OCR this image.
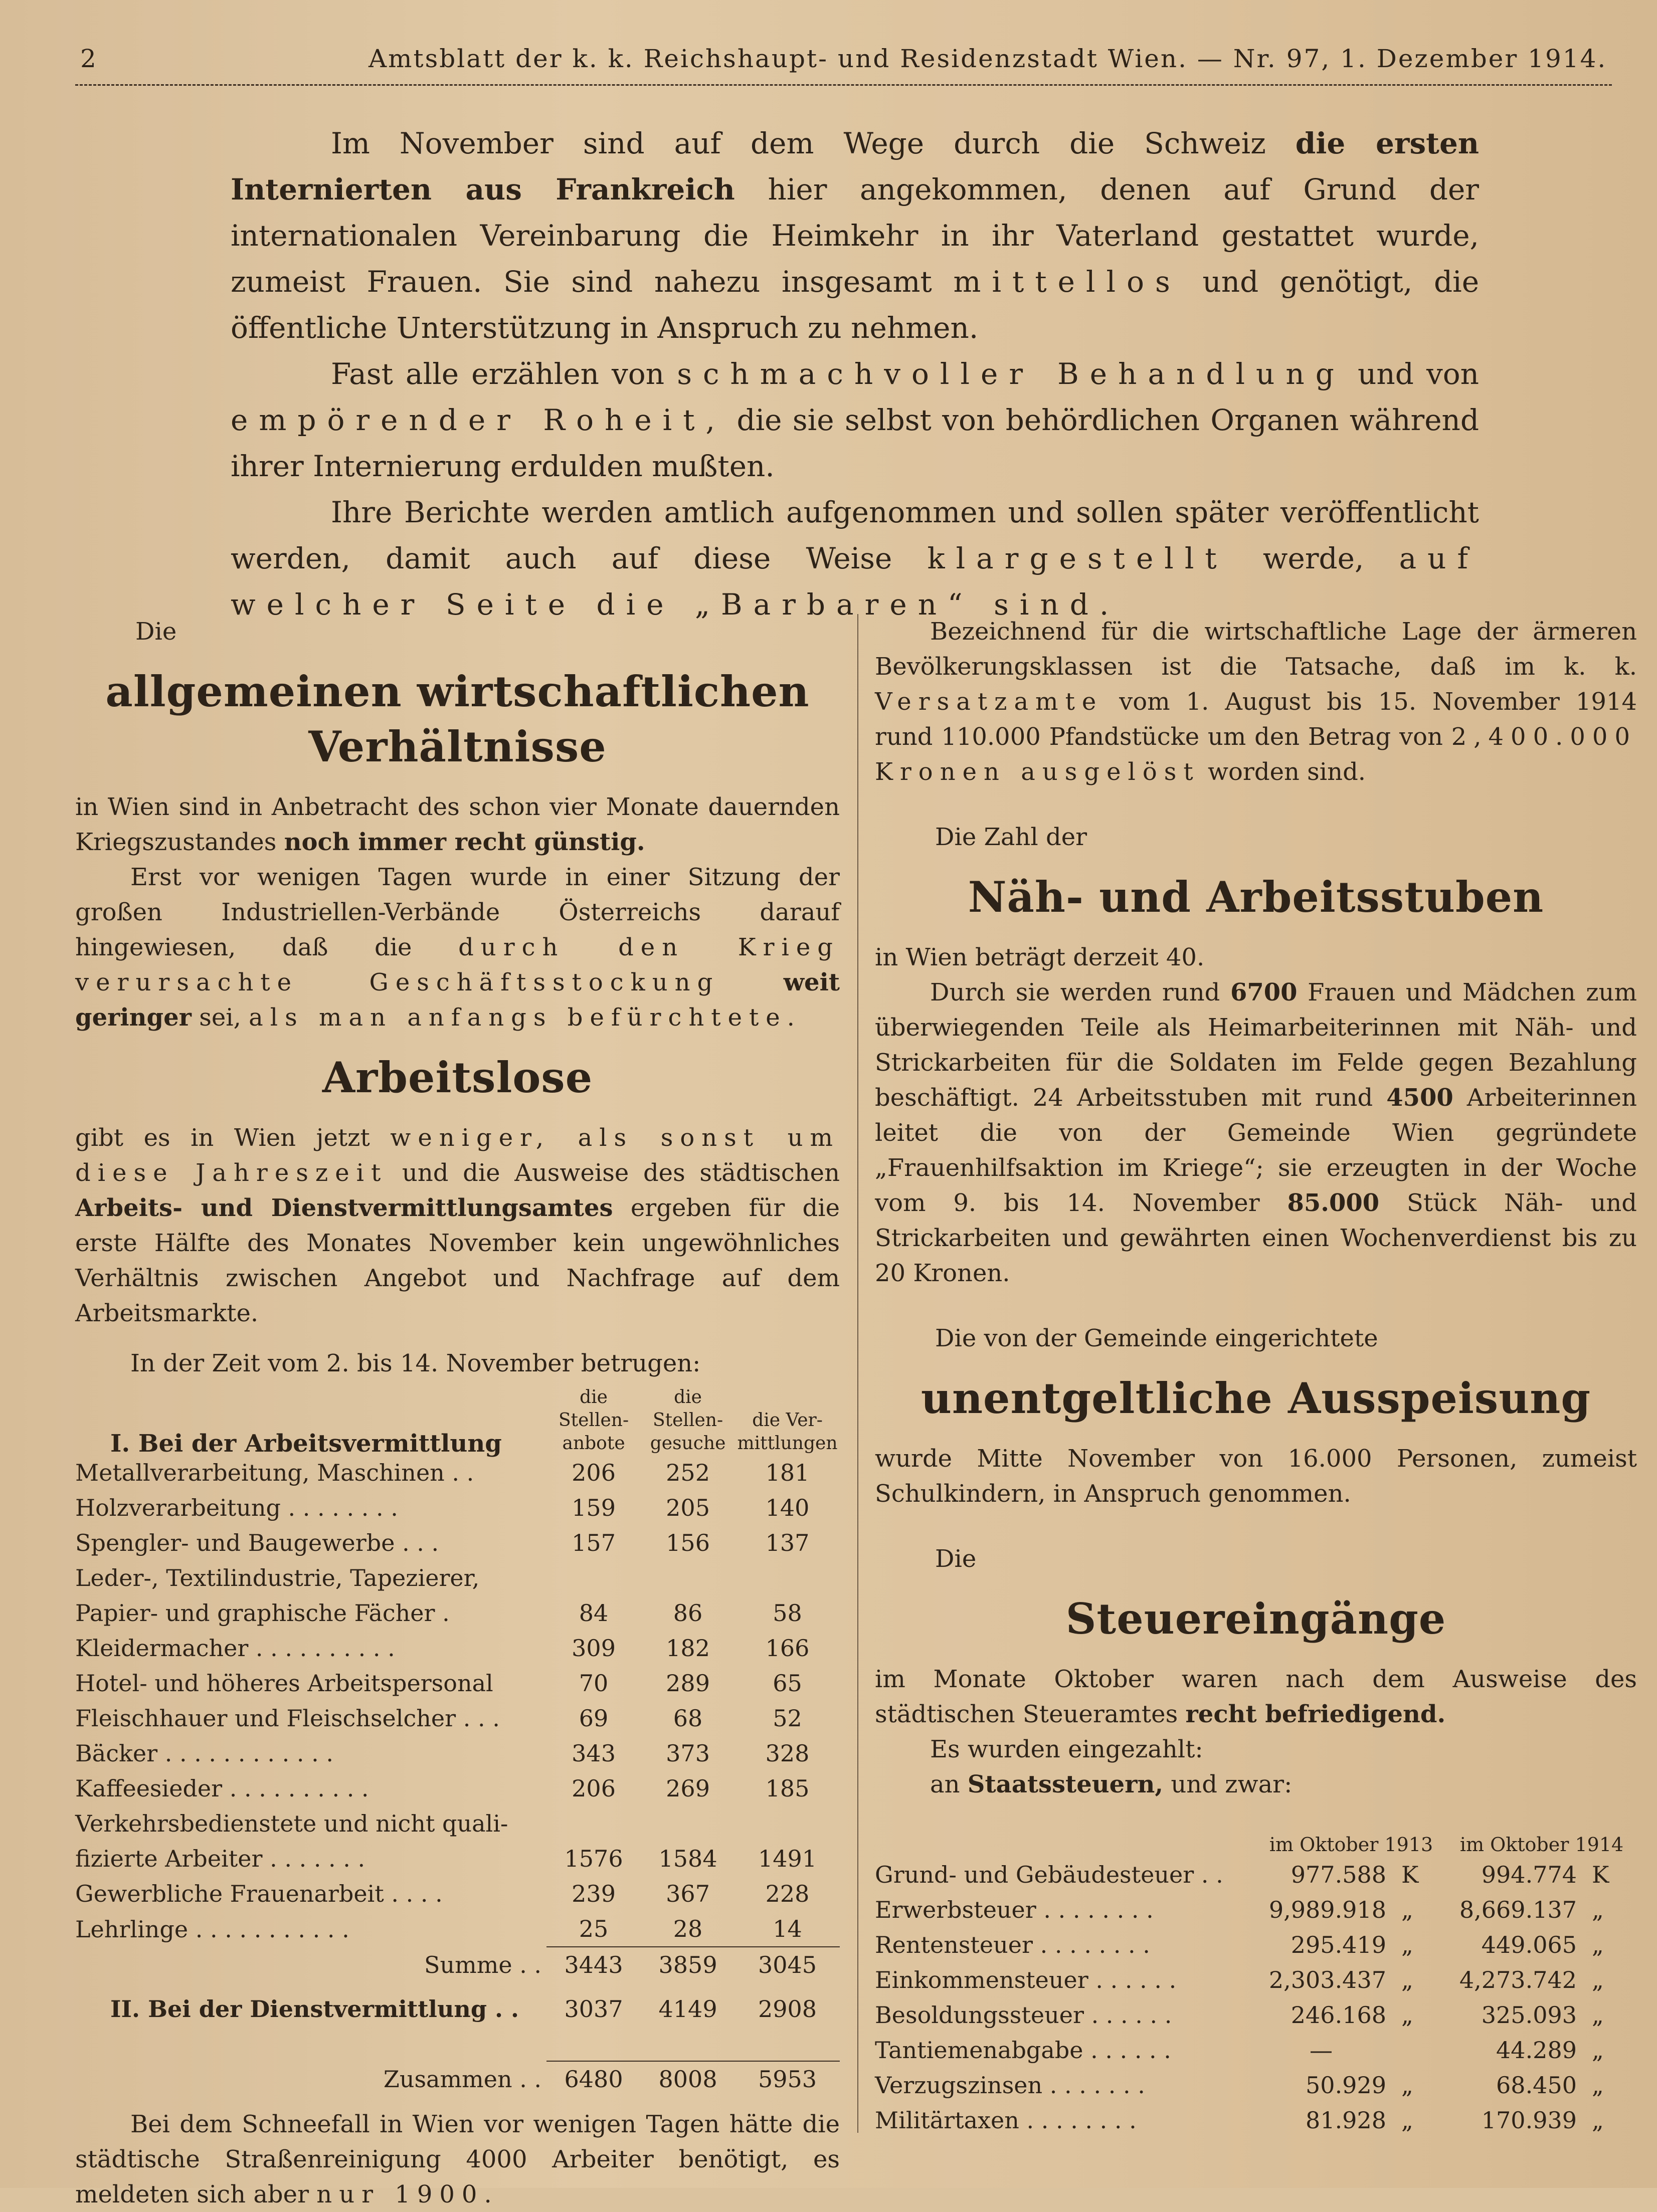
2	Amtsblatt der k. k. Reichshaupt- und Residenzstadt Wien. — Nr. 97, 1. Dezember 1914.

Im November sind auf dem Wege durch die Schweiz die ersten Internierten aus Frankreich hier angekommen, denen auf Grund der internationalen Vereinbarung die Heimkehr in ihr Vaterland gestattet wurde, zumeist Frauen. Sie sind nahezu insgesamt mittellos und genötigt, die öffentliche Unterstützung in Anspruch zu nehmen.

Fast alle erzählen von schmachvoller Behandlung und von empörender Roheit, die sie selbst von behördlichen Organen während ihrer Internierung erdulden mußten.

Ihre Berichte werden amtlich aufgenommen und sollen später veröffentlicht werden, damit auch auf diese Weise klargestellt werde, auf welcher Seite die „Barbaren“ sind.

Die

allgemeinen wirtschaftlichen Verhältnisse

in Wien sind in Anbetracht des schon vier Monate dauernden Kriegszustandes noch immer recht günstig.

Erst vor wenigen Tagen wurde in einer Sitzung der großen Industriellen-Verbände Österreichs darauf hingewiesen, daß die durch den Krieg verursachte Geschäftsstockung	weit geringer sei, als man anfangs befürchtete.

Arbeitslose

gibt es in Wien jetzt weniger, als sonst um diese Jahreszeit und die Ausweise des städtischen Arbeits- und Dienstvermittlungsamtes ergeben für die erste Hälfte des Monates November kein ungewöhnliches Verhältnis zwischen Angebot und Nachfrage auf dem Arbeitsmarkte.

In der Zeit vom 2. bis 14. November betrugen:

I. Bei der Arbeitsvermittlung	die Stellen- anbote	die Stellen- gesuche	die Ver- mittlungen
Metallverarbeitung, Maschinen . .	206	252	181
Holzverarbeitung . . . . . . . .	159	205	140
Spengler- und Baugewerbe . . .	157	156	137
Leder-, Textilindustrie, Tapezierer,			
Papier- und graphische Fächer .	84	86	58
Kleidermacher . . . . . . . . . .	309	182	166
Hotel- und höheres Arbeitspersonal	70	289	65
Fleischhauer und Fleischselcher . . .	69	68	52
Bäcker . . . . . . . . . . . .	343	373	328
Kaffeesieder . . . . . . . . . .	206	269	185
Verkehrsbedienstete und nicht quali-			
fizierte Arbeiter . . . . . . .	1576	1584	1491
Gewerbliche Frauenarbeit . . . .	239	367	228
Lehrlinge . . . . . . . . . . .	25	28	14
Summe . .	3443	3859	3045
II. Bei der Dienstvermittlung . .	3037	4149	2908

Zusammen . .	6480	8008	5953

Bei dem Schneefall in Wien vor wenigen Tagen hätte die städtische Straßenreinigung 4000 Arbeiter benötigt, es meldeten sich aber nur 1900.

Bezeichnend für die wirtschaftliche Lage der ärmeren Bevölkerungsklassen ist die Tatsache, daß im k. k. Versatzamte vom 1. August bis 15. November 1914 rund 110.000 Pfandstücke um den Betrag von 2,400.000 Kronen ausgelöst worden sind.

Die Zahl der

Näh- und Arbeitsstuben

in Wien beträgt derzeit 40.

Durch sie werden rund 6700 Frauen und Mädchen zum überwiegenden Teile als Heimarbeiterinnen mit Näh- und Strickarbeiten für die Soldaten im Felde gegen Bezahlung beschäftigt. 24 Arbeitsstuben mit rund 4500 Arbeiterinnen leitet die von der Gemeinde Wien gegründete „Frauenhilfsaktion im Kriege“; sie erzeugten in der Woche vom 9. bis 14. November 85.000 Stück Näh- und Strickarbeiten und gewährten einen Wochenverdienst bis zu 20 Kronen.

Die von der Gemeinde eingerichtete

unentgeltliche Ausspeisung

wurde Mitte November von 16.000 Personen, zumeist Schulkindern, in Anspruch genommen.

Die

Steuereingänge

im Monate Oktober waren nach dem Ausweise des städtischen Steueramtes recht befriedigend.

Es wurden eingezahlt:

an Staatssteuern, und zwar:

	im Oktober 1913		im Oktober 1914	
Grund- und Gebäudesteuer . .	977.588	K	994.774	K
Erwerbsteuer . . . . . . . .	9,989.918	„	8,669.137	„
Rentensteuer . . . . . . . .	295.419	„	449.065	„
Einkommensteuer . . . . . .	2,303.437	„	4,273.742	„
Besoldungssteuer . . . . . .	246.168	„	325.093	„
Tantiemenabgabe . . . . . .	—		44.289	„
Verzugszinsen . . . . . . .	50.929	„	68.450	„
Militärtaxen . . . . . . . .	81.928	„	170.939	„
